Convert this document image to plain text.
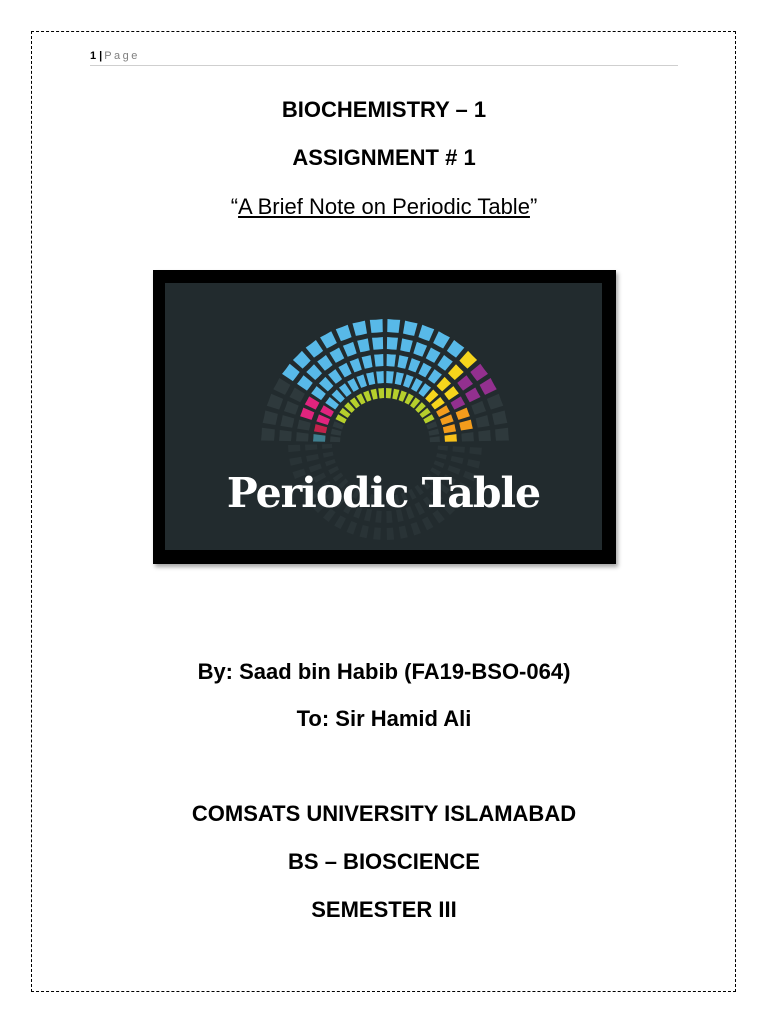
1 | Page
BIOCHEMISTRY – 1
ASSIGNMENT # 1
“A Brief Note on Periodic Table”
Periodic Table
By: Saad bin Habib (FA19-BSO-064)
To: Sir Hamid Ali
COMSATS UNIVERSITY ISLAMABAD
BS – BIOSCIENCE
SEMESTER III
